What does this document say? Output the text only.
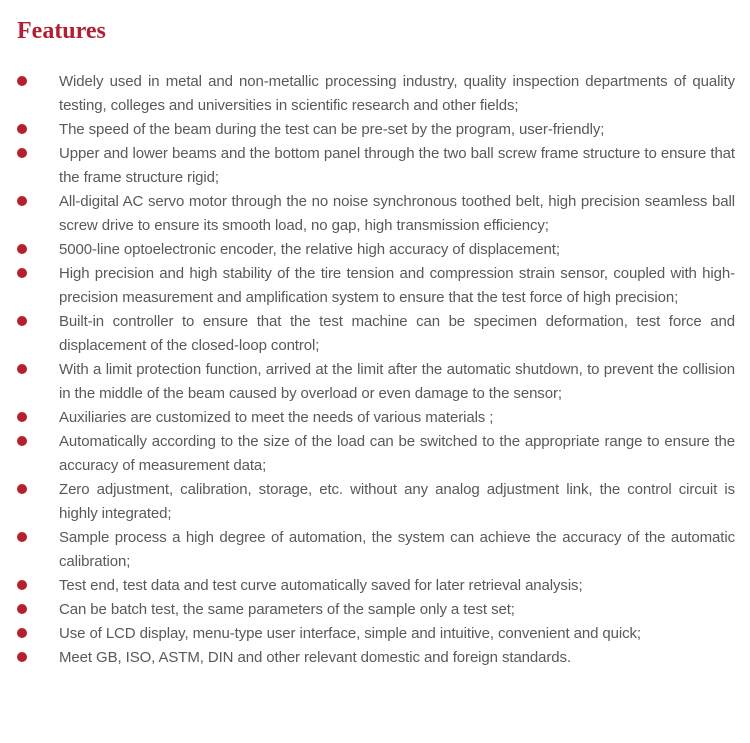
Features
Widely used in metal and non-metallic processing industry, quality inspection departments of quality testing, colleges and universities in scientific research and other fields;
The speed of the beam during the test can be pre-set by the program, user-friendly;
Upper and lower beams and the bottom panel through the two ball screw frame structure to ensure that the frame structure rigid;
All-digital AC servo motor through the no noise synchronous toothed belt, high precision seamless ball screw drive to ensure its smooth load, no gap, high transmission efficiency;
5000-line optoelectronic encoder, the relative high accuracy of displacement;
High precision and high stability of the tire tension and compression strain sensor, coupled with high-precision measurement and amplification system to ensure that the test force of high precision;
Built-in controller to ensure that the test machine can be specimen deformation, test force and displacement of the closed-loop control;
With a limit protection function, arrived at the limit after the automatic shutdown, to prevent the collision in the middle of the beam caused by overload or even damage to the sensor;
Auxiliaries are customized to meet the needs of various materials ;
Automatically according to the size of the load can be switched to the appropriate range to ensure the accuracy of measurement data;
Zero adjustment, calibration, storage, etc. without any analog adjustment link, the control circuit is highly integrated;
Sample process a high degree of automation, the system can achieve the accuracy of the automatic calibration;
Test end, test data and test curve automatically saved for later retrieval analysis;
Can be batch test, the same parameters of the sample only a test set;
Use of LCD display, menu-type user interface, simple and intuitive, convenient and quick;
Meet GB, ISO, ASTM, DIN and other relevant domestic and foreign standards.
